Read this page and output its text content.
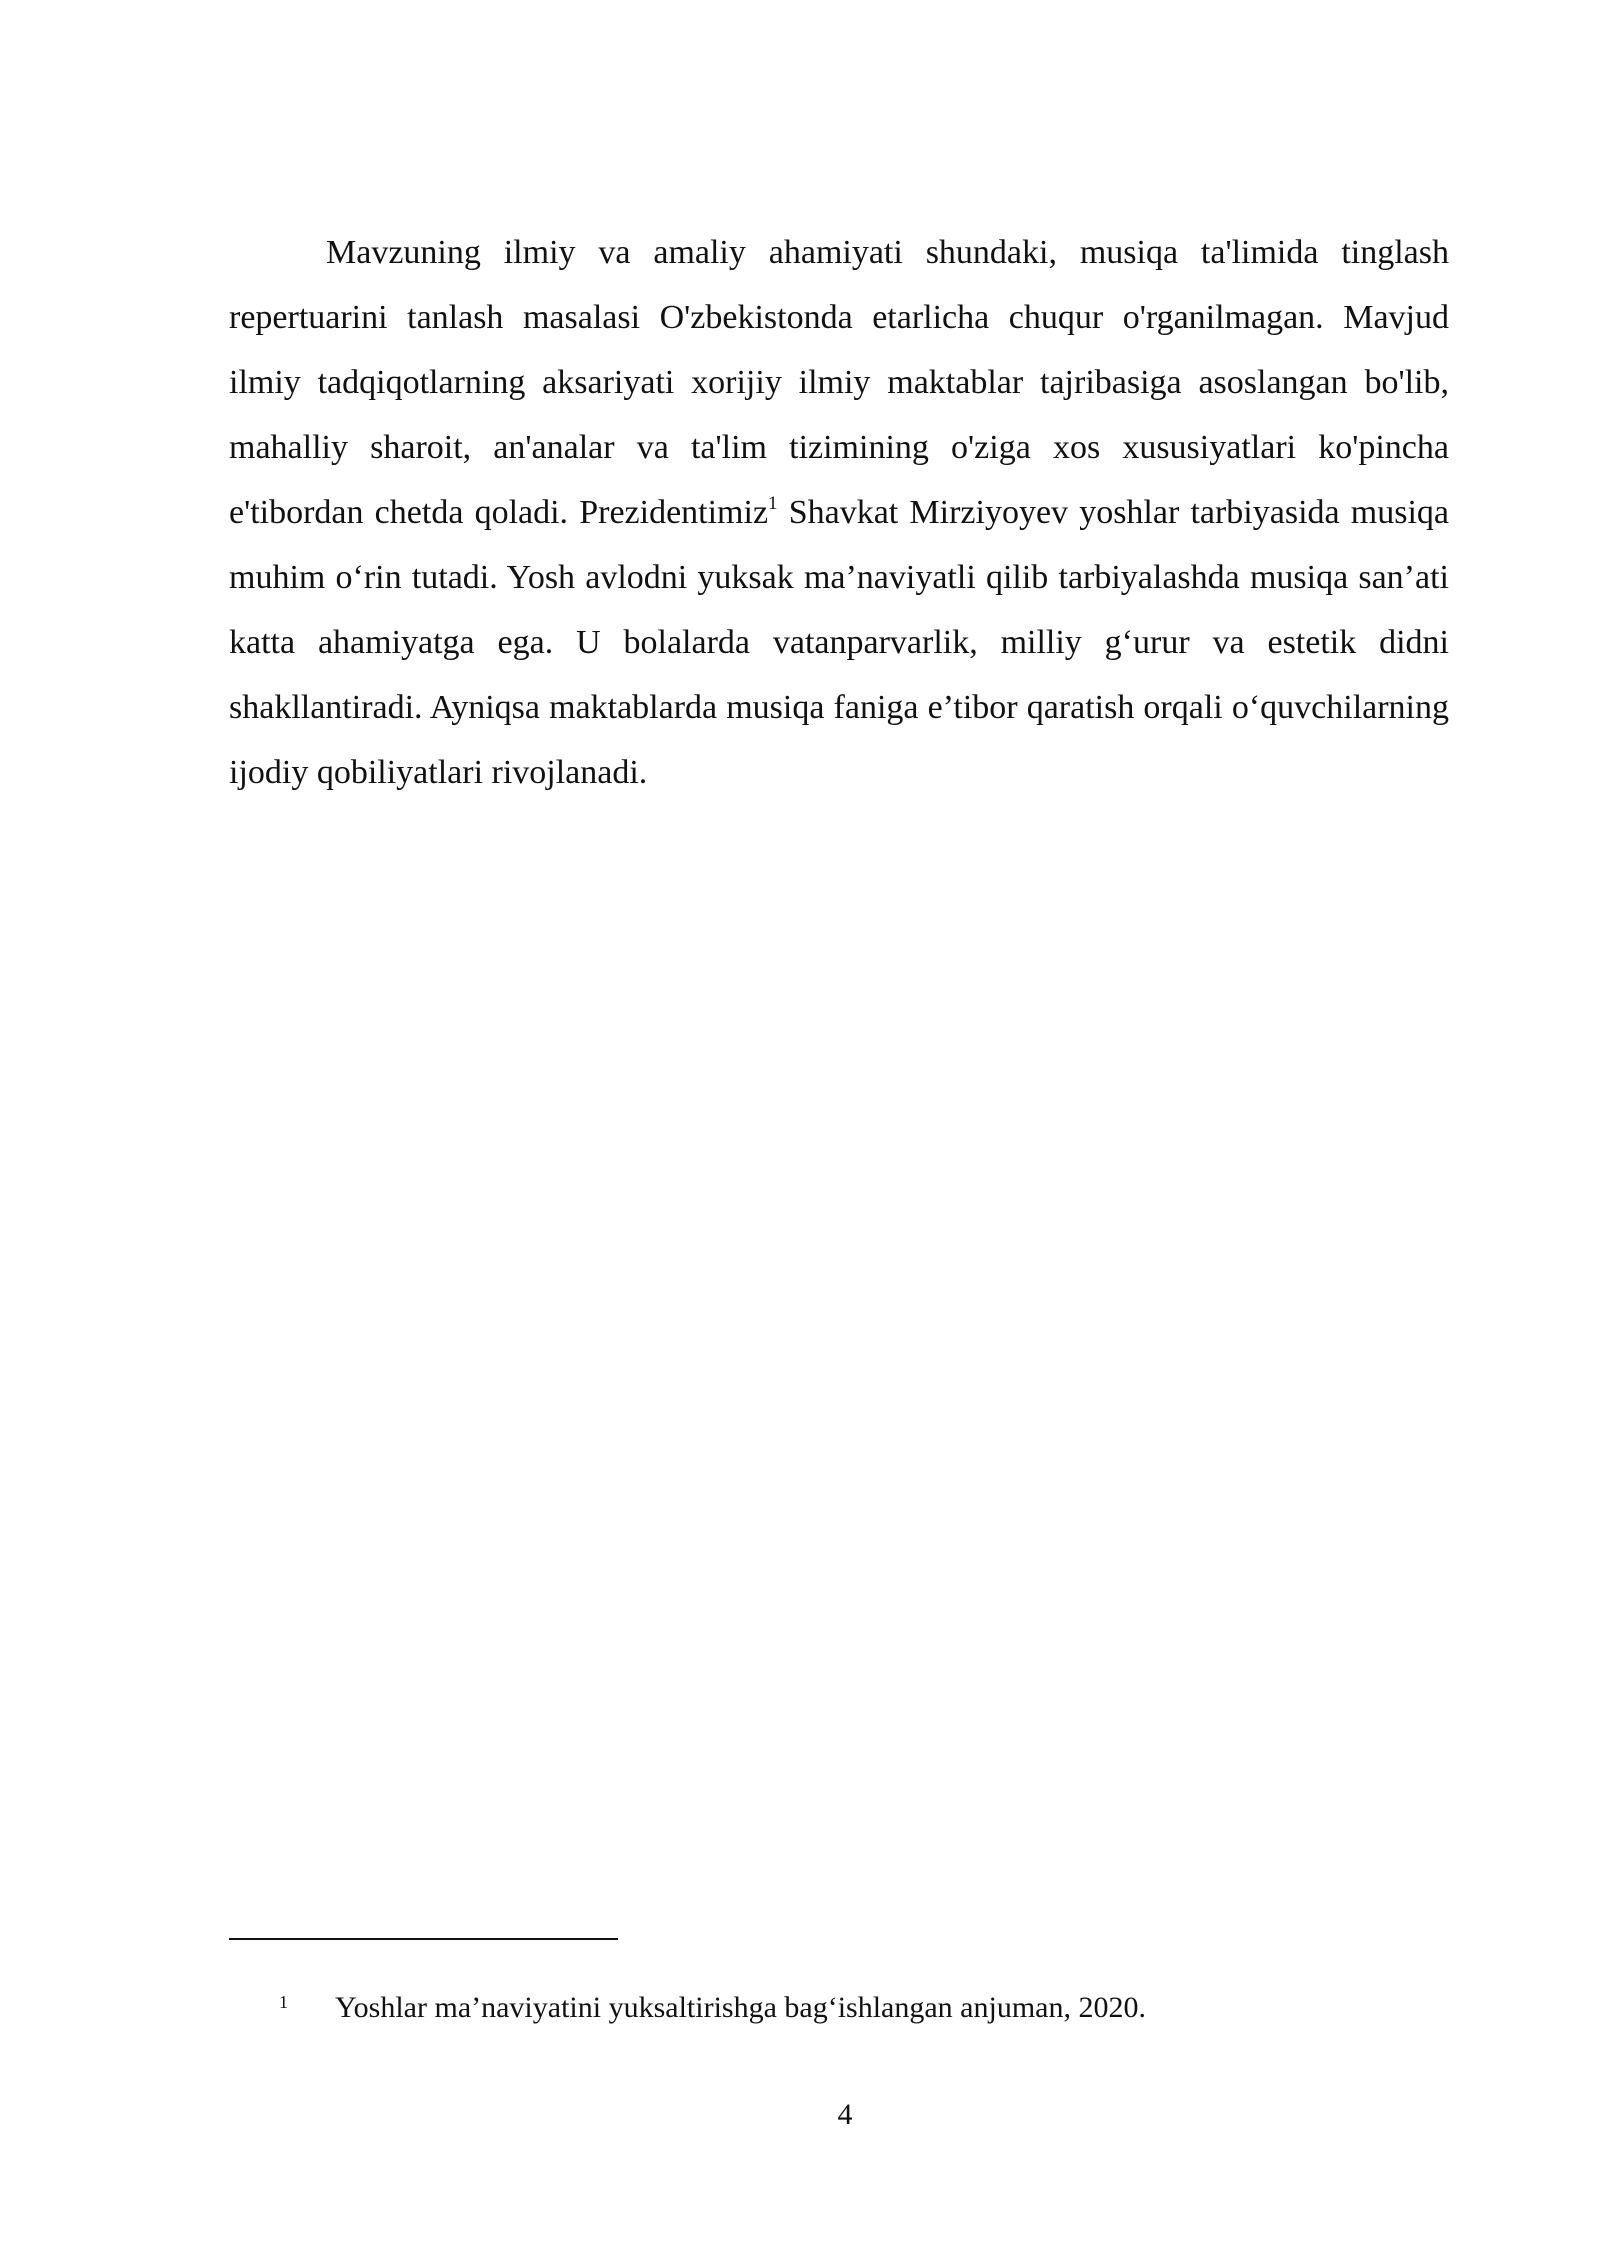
Mavzuning ilmiy va amaliy ahamiyati shundaki, musiqa ta'limida tinglash repertuarini tanlash masalasi O'zbekistonda etarlicha chuqur o'rganilmagan. Mavjud ilmiy tadqiqotlarning aksariyati xorijiy ilmiy maktablar tajribasiga asoslangan bo'lib, mahalliy sharoit, an'analar va ta'lim tizimining o'ziga xos xususiyatlari ko'pincha e'tibordan chetda qoladi. Prezidentimiz$^1$ Shavkat Mirziyoyev yoshlar tarbiyasida musiqa muhim o‘rin tutadi. Yosh avlodni yuksak ma’naviyatli qilib tarbiyalashda musiqa san’ati katta ahamiyatga ega. U bolalarda vatanparvarlik, milliy g‘urur va estetik didni shakllantiradi. Ayniqsa maktablarda musiqa faniga e’tibor qaratish orqali o‘quvchilarning ijodiy qobiliyatlari rivojlanadi.

1 Yoshlar ma’naviyatini yuksaltirishga bag‘ishlangan anjuman, 2020.
4
